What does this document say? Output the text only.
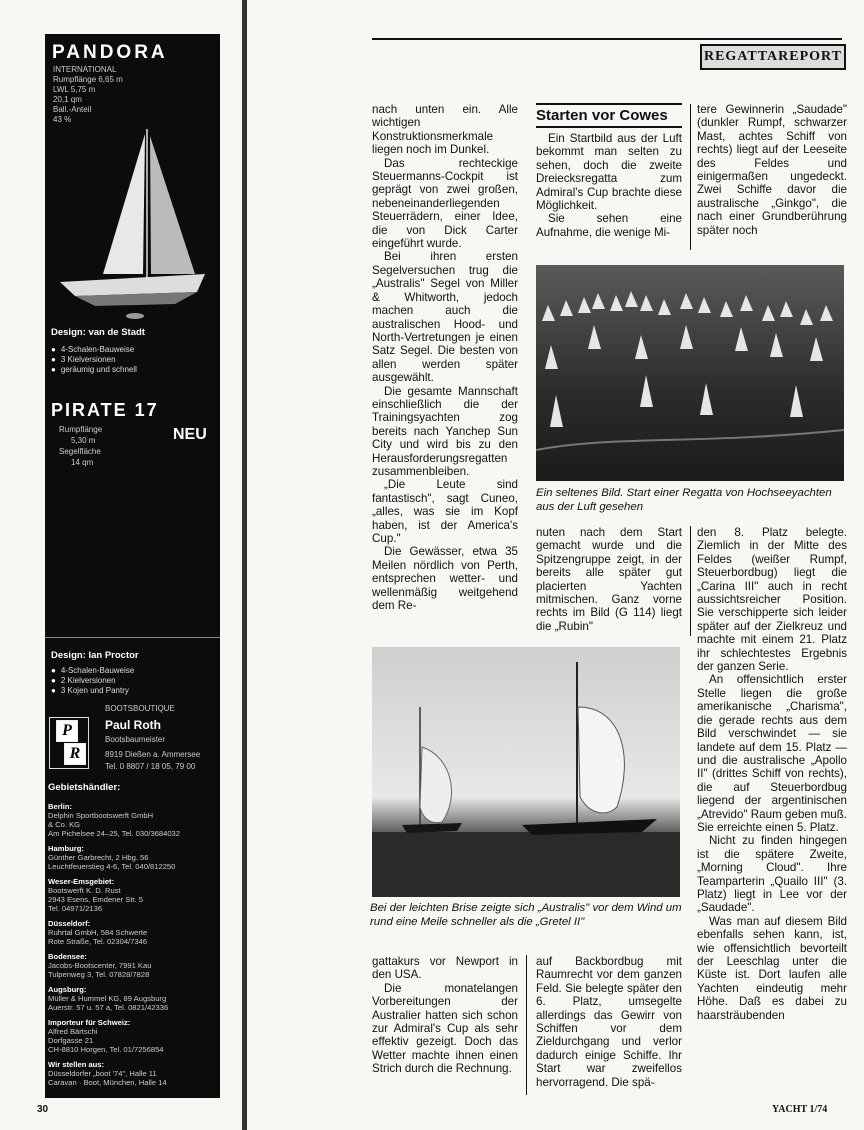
PANDORA
INTERNATIONAL
Rumpflänge 6,65 m
LWL 5,75 m
20,1 qm
Ball.-Anteil
43 %
Design: van de Stadt
● 4-Schalen-Bauweise
● 3 Kielversionen
● geräumig und schnell
PIRATE 17
Rumpflänge
5,30 m
Segelfläche
14 qm
NEU
Design: Ian Proctor
● 4-Schalen-Bauweise
● 2 Kielversionen
● 3 Kojen und Pantry
P
R
BOOTSBOUTIQUE
Paul Roth
Bootsbaumeister
8919 Dießen a. Ammersee
Tel. 0 8807 / 18 05, 79 00
Gebietshändler:
Berlin:
Delphin Sportbootswerft GmbH
& Co. KG
Am Pichelsee 24–25, Tel. 030/3684032
Hamburg:
Günther Garbrecht, 2 Hbg. 56
Leuchtfeuerstieg 4-6, Tel. 040/812250
Weser-Emsgebiet:
Bootswerft K. D. Rust
2943 Esens, Emdener Str. 5
Tel. 04971/2136
Düsseldorf:
Ruhrtal GmbH, 584 Schwerte
Rote Straße, Tel. 02304/7346
Bodensee:
Jacobs-Bootscenter, 7991 Kau
Tulpenweg 3, Tel. 07828/7828
Augsburg:
Müller & Hummel KG, 89 Augsburg
Auerstr. 57 u. 57 a, Tel. 0821/42336
Importeur für Schweiz:
Alfred Bärtschi
Dorfgasse 21
CH-8810 Horgen, Tel. 01/7256854
Wir stellen aus:
Düsseldorfer „boot '74", Halle 11
Caravan · Boot, München, Halle 14
REGATTAREPORT

nach unten ein. Alle wichtigen Konstruktionsmerkmale liegen noch im Dunkel.

Das rechteckige Steuermanns-Cockpit ist geprägt von zwei großen, nebeneinanderliegenden Steuerrädern, einer Idee, die von Dick Carter eingeführt wurde.

Bei ihren ersten Segelversuchen trug die „Australis" Segel von Miller & Whitworth, jedoch machen auch die australischen Hood- und North-Vertretungen je einen Satz Segel. Die besten von allen werden später ausgewählt.

Die gesamte Mannschaft einschließlich die der Trainingsyachten zog bereits nach Yanchep Sun City und wird bis zu den Herausforderungsregatten zusammenbleiben.

„Die Leute sind fantastisch", sagt Cuneo, „alles, was sie im Kopf haben, ist der America's Cup."

Die Gewässer, etwa 35 Meilen nördlich von Perth, entsprechen wetter- und wellenmäßig weitgehend dem Re-

Starten vor Cowes

Ein Startbild aus der Luft bekommt man selten zu sehen, doch die zweite Dreiecksregatta zum Admiral's Cup brachte diese Möglichkeit.

Sie sehen eine Aufnahme, die wenige Mi-

tere Gewinnerin „Saudade" (dunkler Rumpf, schwarzer Mast, achtes Schiff von rechts) liegt auf der Leeseite des Feldes und einigermaßen ungedeckt. Zwei Schiffe davor die australische „Ginkgo", die nach einer Grundberührung später noch

Ein seltenes Bild. Start einer Regatta von Hochseeyachten aus der Luft gesehen

nuten nach dem Start gemacht wurde und die Spitzengruppe zeigt, in der bereits alle später gut placierten Yachten mitmischen. Ganz vorne rechts im Bild (G 114) liegt die „Rubin"

den 8. Platz belegte. Ziemlich in der Mitte des Feldes (weißer Rumpf, Steuerbordbug) liegt die „Carina III" auch in recht aussichtsreicher Position. Sie verschipperte sich leider später auf der Zielkreuz und machte mit einem 21. Platz ihr schlechtestes Ergebnis der ganzen Serie.

An offensichtlich erster Stelle liegen die große amerikanische „Charisma", die gerade rechts aus dem Bild verschwindet — sie landete auf dem 15. Platz — und die australische „Apollo II" (drittes Schiff von rechts), die auf Steuerbordbug liegend der argentinischen „Atrevido" Raum geben muß. Sie erreichte einen 5. Platz.

Nicht zu finden hingegen ist die spätere Zweite, „Morning Cloud". Ihre Teamparterin „Quailo III" (3. Platz) liegt in Lee vor der „Saudade".

Was man auf diesem Bild ebenfalls sehen kann, ist, wie offensichtlich bevorteilt der Leeschlag unter die Küste ist. Dort laufen alle Yachten eindeutig mehr Höhe. Daß es dabei zu haarsträubenden

Bei der leichten Brise zeigte sich „Australis" vor dem Wind um rund eine Meile schneller als die „Gretel II"

gattakurs vor Newport in den USA.

Die monatelangen Vorbereitungen der Australier hatten sich schon zur Admiral's Cup als sehr effektiv gezeigt. Doch das Wetter machte ihnen einen Strich durch die Rechnung.

auf Backbordbug mit Raumrecht vor dem ganzen Feld. Sie belegte später den 6. Platz, umsegelte allerdings das Gewirr von Schiffen vor dem Zieldurchgang und verlor dadurch einige Schiffe. Ihr Start war zweifellos hervorragend. Die spä-

30	YACHT 1/74
